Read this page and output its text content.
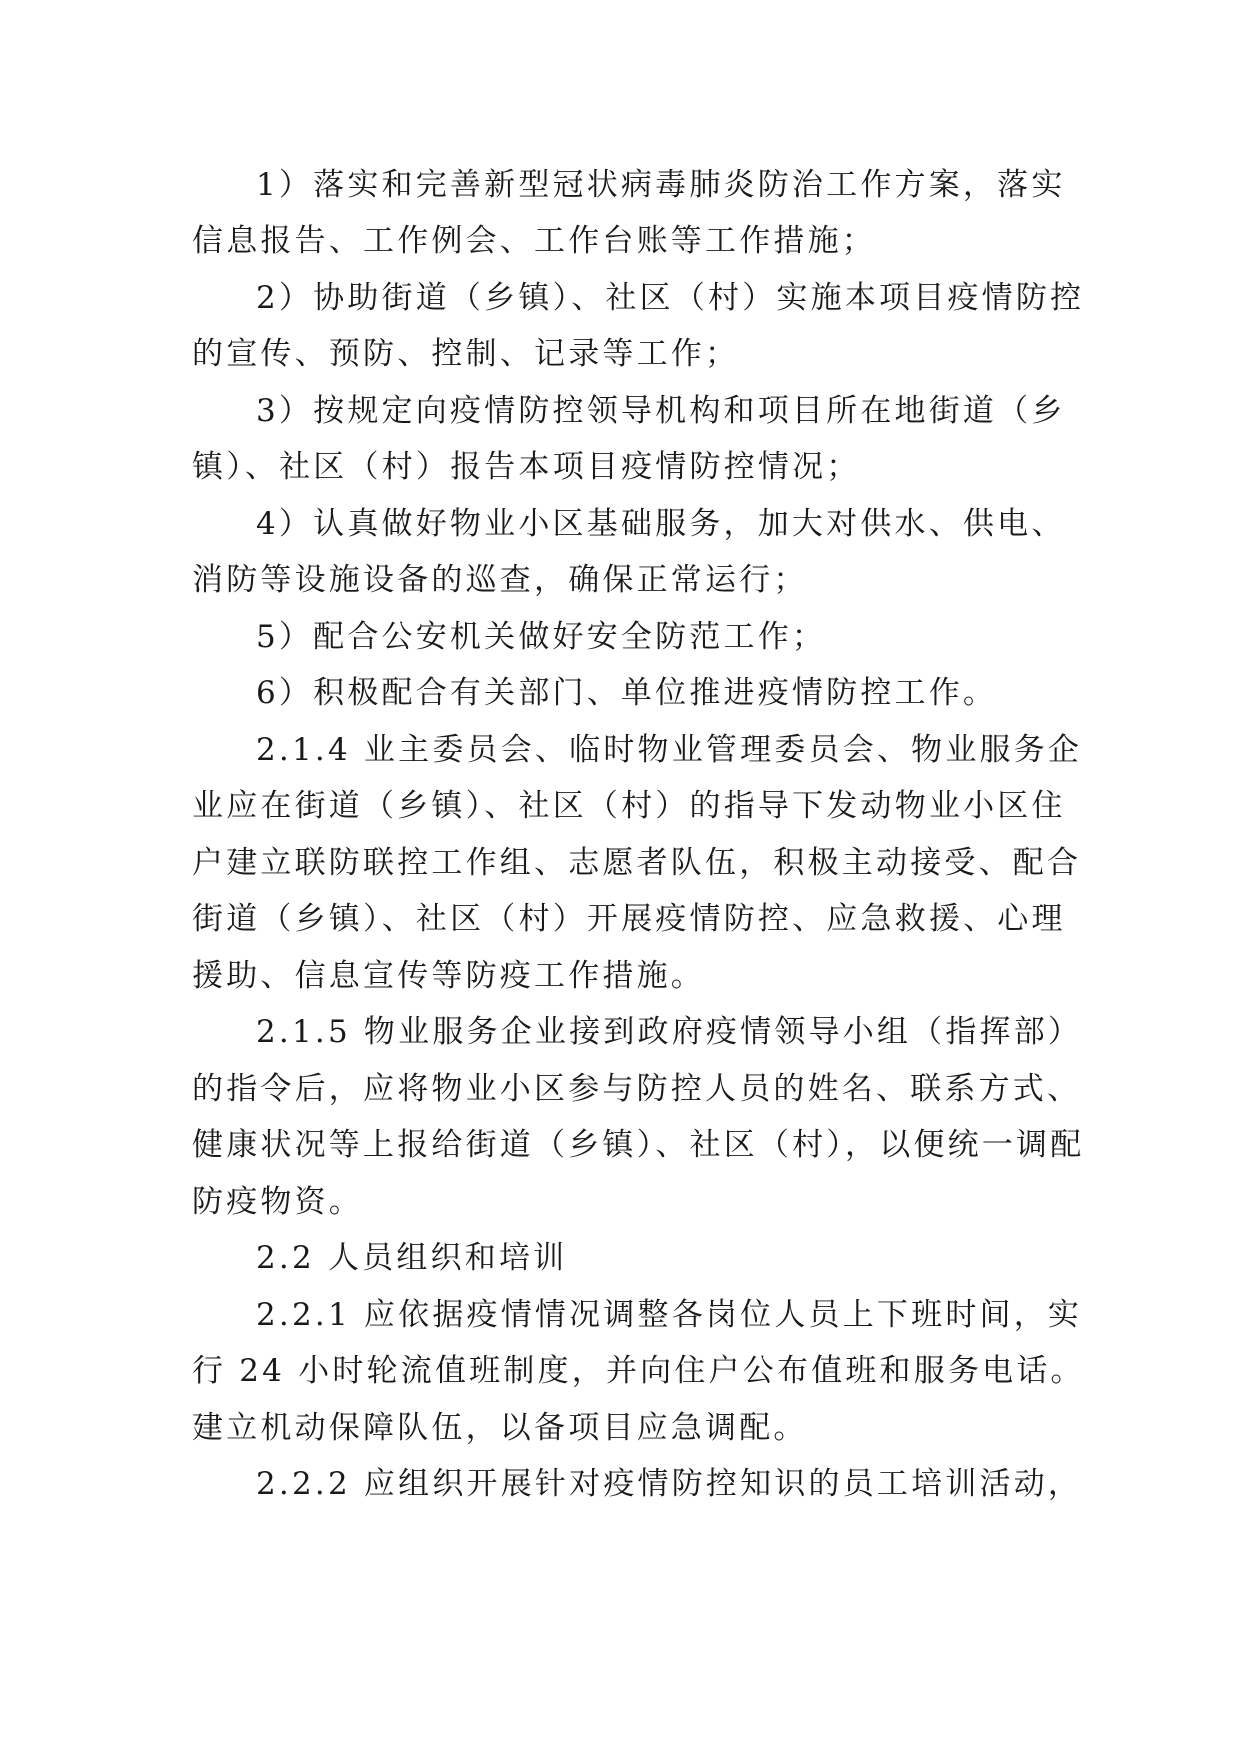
1）落实和完善新型冠状病毒肺炎防治工作方案，落实
信息报告、工作例会、工作台账等工作措施；
2）协助街道（乡镇）、社区（村）实施本项目疫情防控
的宣传、预防、控制、记录等工作；
3）按规定向疫情防控领导机构和项目所在地街道（乡
镇）、社区（村）报告本项目疫情防控情况；
4）认真做好物业小区基础服务，加大对供水、供电、
消防等设施设备的巡查，确保正常运行；
5）配合公安机关做好安全防范工作；
6）积极配合有关部门、单位推进疫情防控工作。
2.1.4 业主委员会、临时物业管理委员会、物业服务企
业应在街道（乡镇）、社区（村）的指导下发动物业小区住
户建立联防联控工作组、志愿者队伍，积极主动接受、配合
街道（乡镇）、社区（村）开展疫情防控、应急救援、心理
援助、信息宣传等防疫工作措施。
2.1.5 物业服务企业接到政府疫情领导小组（指挥部）
的指令后，应将物业小区参与防控人员的姓名、联系方式、
健康状况等上报给街道（乡镇）、社区（村），以便统一调配
防疫物资。
2.2 人员组织和培训
2.2.1 应依据疫情情况调整各岗位人员上下班时间，实
行 24 小时轮流值班制度，并向住户公布值班和服务电话。
建立机动保障队伍，以备项目应急调配。
2.2.2 应组织开展针对疫情防控知识的员工培训活动，
